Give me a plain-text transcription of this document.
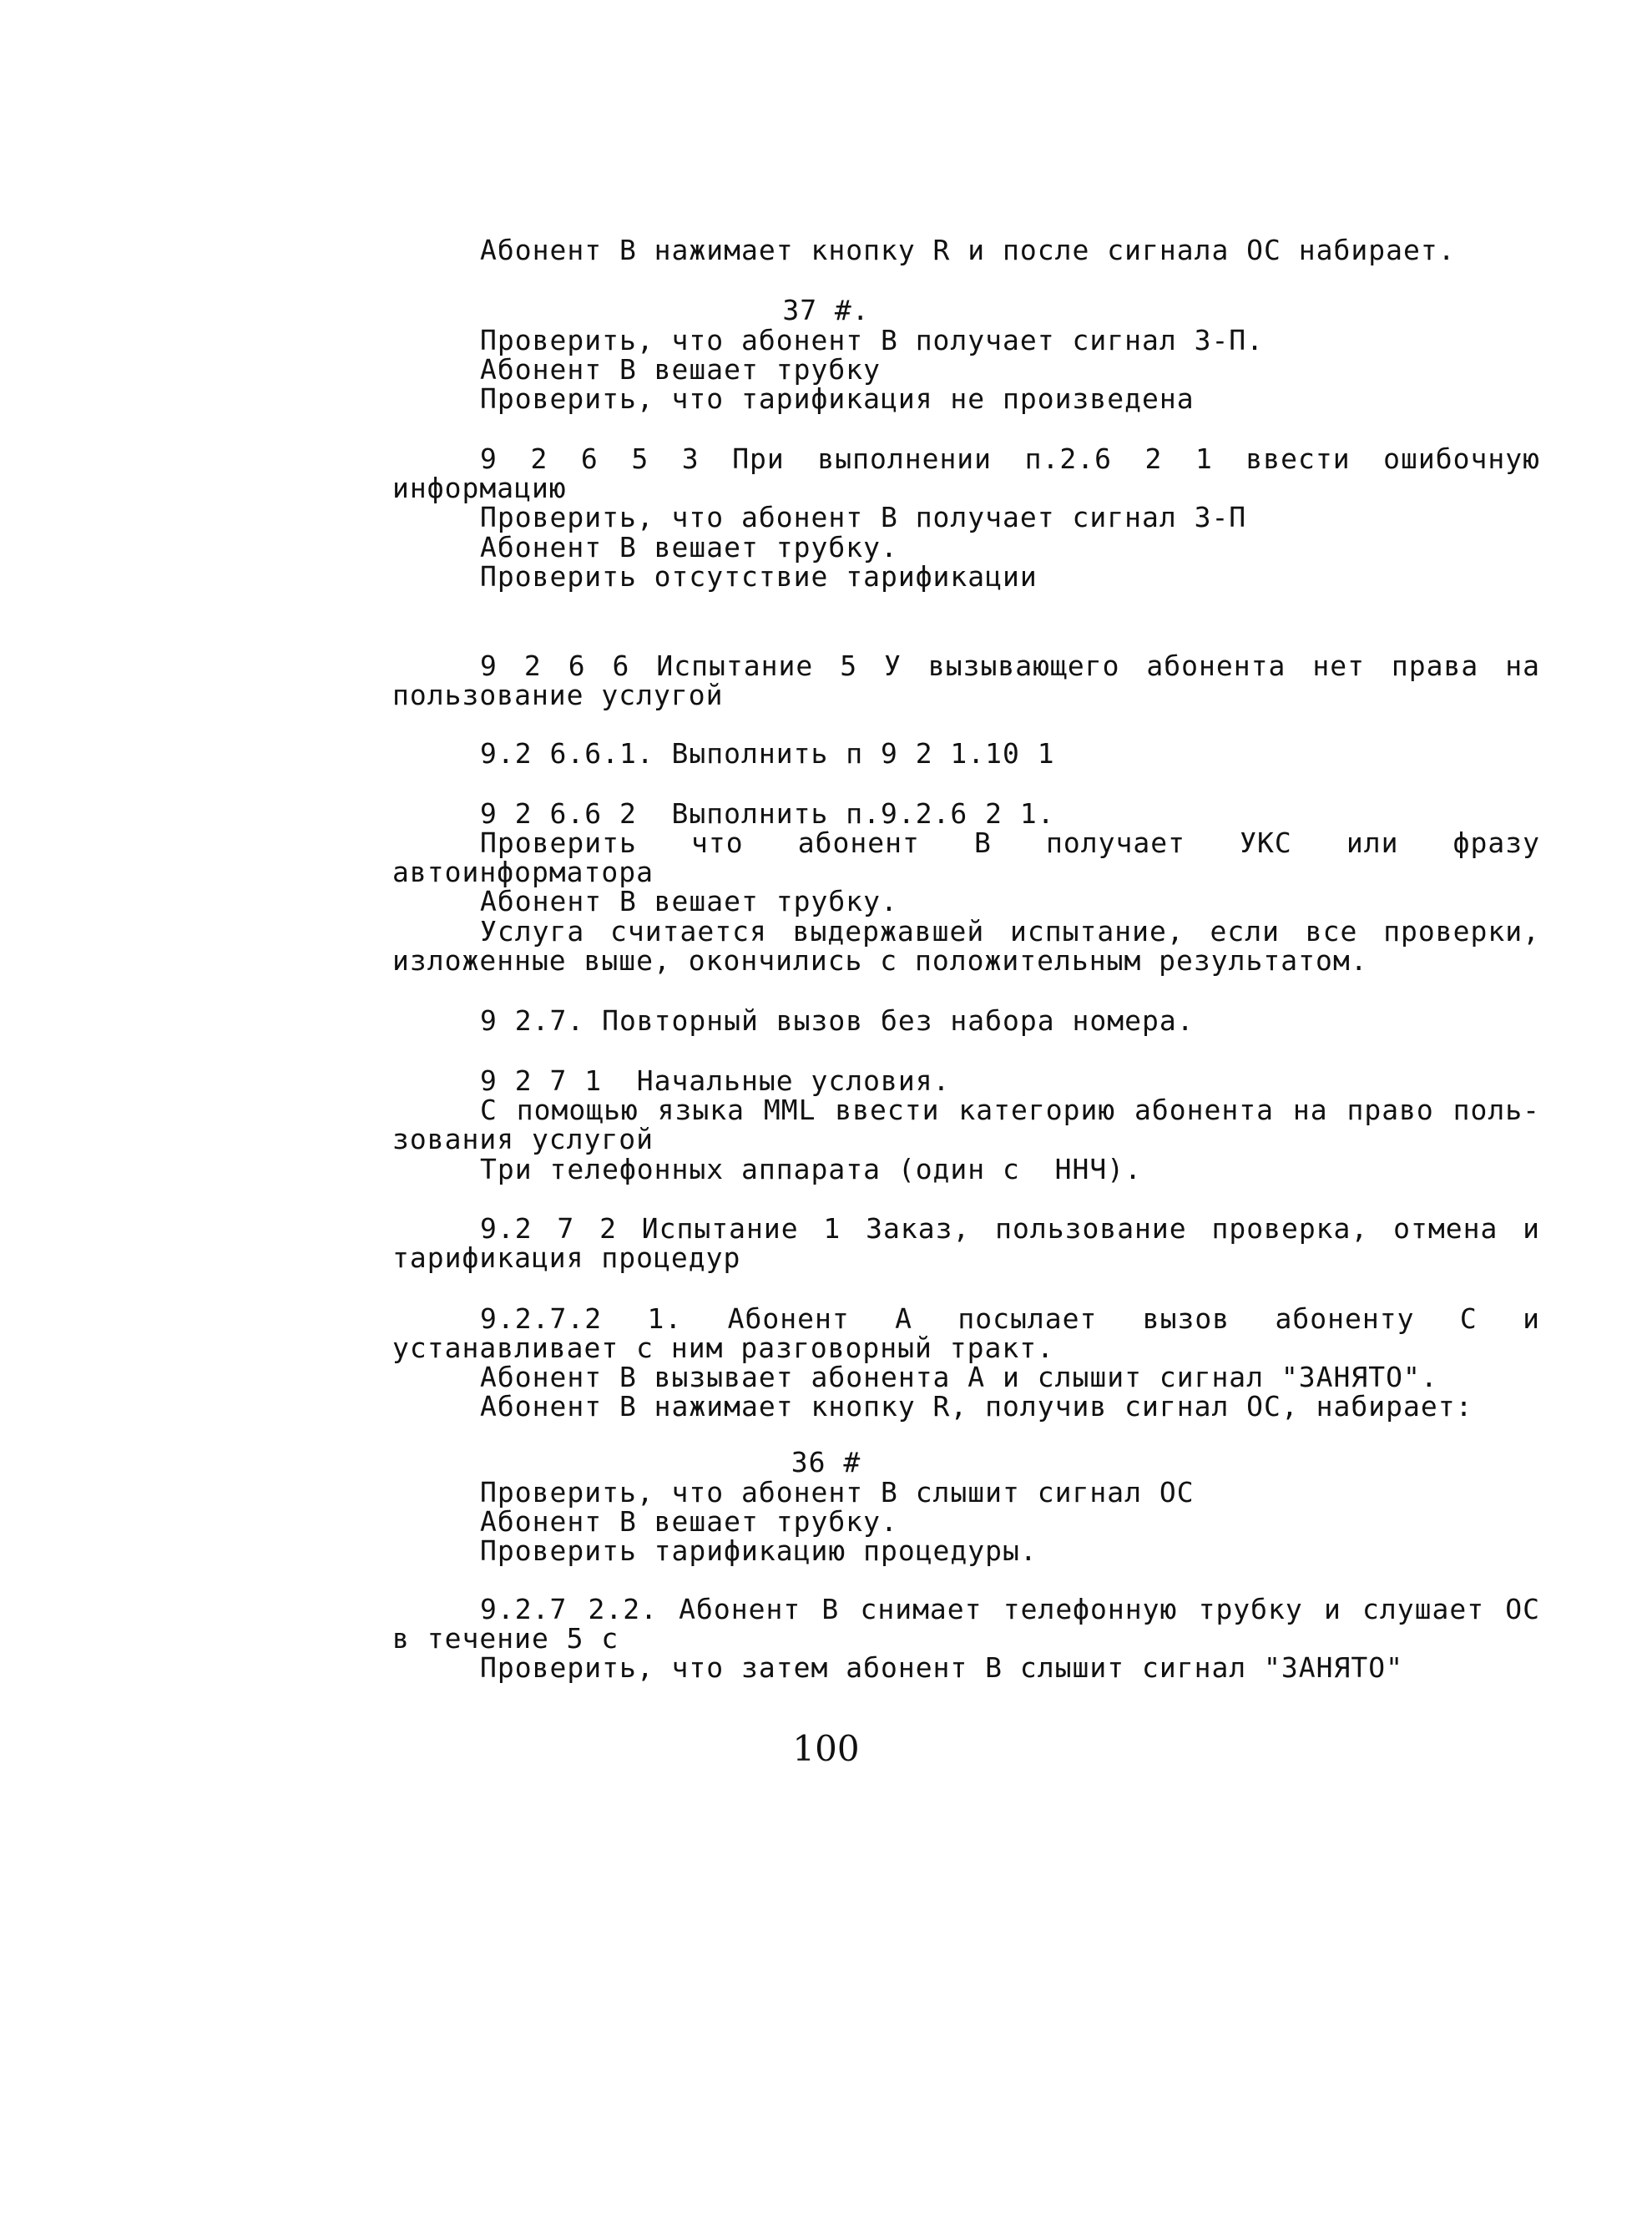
Абонент В нажимает кнопку R и после сигнала ОС набирает.
37 #.
Проверить, что абонент В получает сигнал З-П.
Абонент В вешает трубку
Проверить, что тарификация не произведена
9 2 6 5 3 При выполнении п.2.6 2 1 ввести ошибочную
информацию
Проверить, что абонент В получает сигнал З-П
Абонент В вешает трубку.
Проверить отсутствие тарификации
9 2 6 6 Испытание 5 У вызывающего абонента нет права на
пользование услугой
9.2 6.6.1. Выполнить п 9 2 1.10 1
9 2 6.6 2  Выполнить п.9.2.6 2 1.
Проверить что абонент В получает УКС или фразу
автоинформатора
Абонент В вешает трубку.
Услуга считается выдержавшей испытание, если все проверки,
изложенные выше, окончились с положительным результатом.
9 2.7. Повторный вызов без набора номера.
9 2 7 1  Начальные условия.
С помощью языка ММL ввести категорию абонента на право поль-
зования услугой
Три телефонных аппарата (один с  ННЧ).
9.2 7 2 Испытание 1 Заказ, пользование проверка, отмена и
тарификация процедур
9.2.7.2 1. Абонент А посылает вызов абоненту С и
устанавливает с ним разговорный тракт.
Абонент В вызывает абонента А и слышит сигнал "ЗАНЯТО".
Абонент В нажимает кнопку R, получив сигнал ОС, набирает:
36 #
Проверить, что абонент В слышит сигнал ОС
Абонент В вешает трубку.
Проверить тарификацию процедуры.
9.2.7 2.2. Абонент В снимает телефонную трубку и слушает ОС
в течение 5 с
Проверить, что затем абонент В слышит сигнал "ЗАНЯТО"
100
